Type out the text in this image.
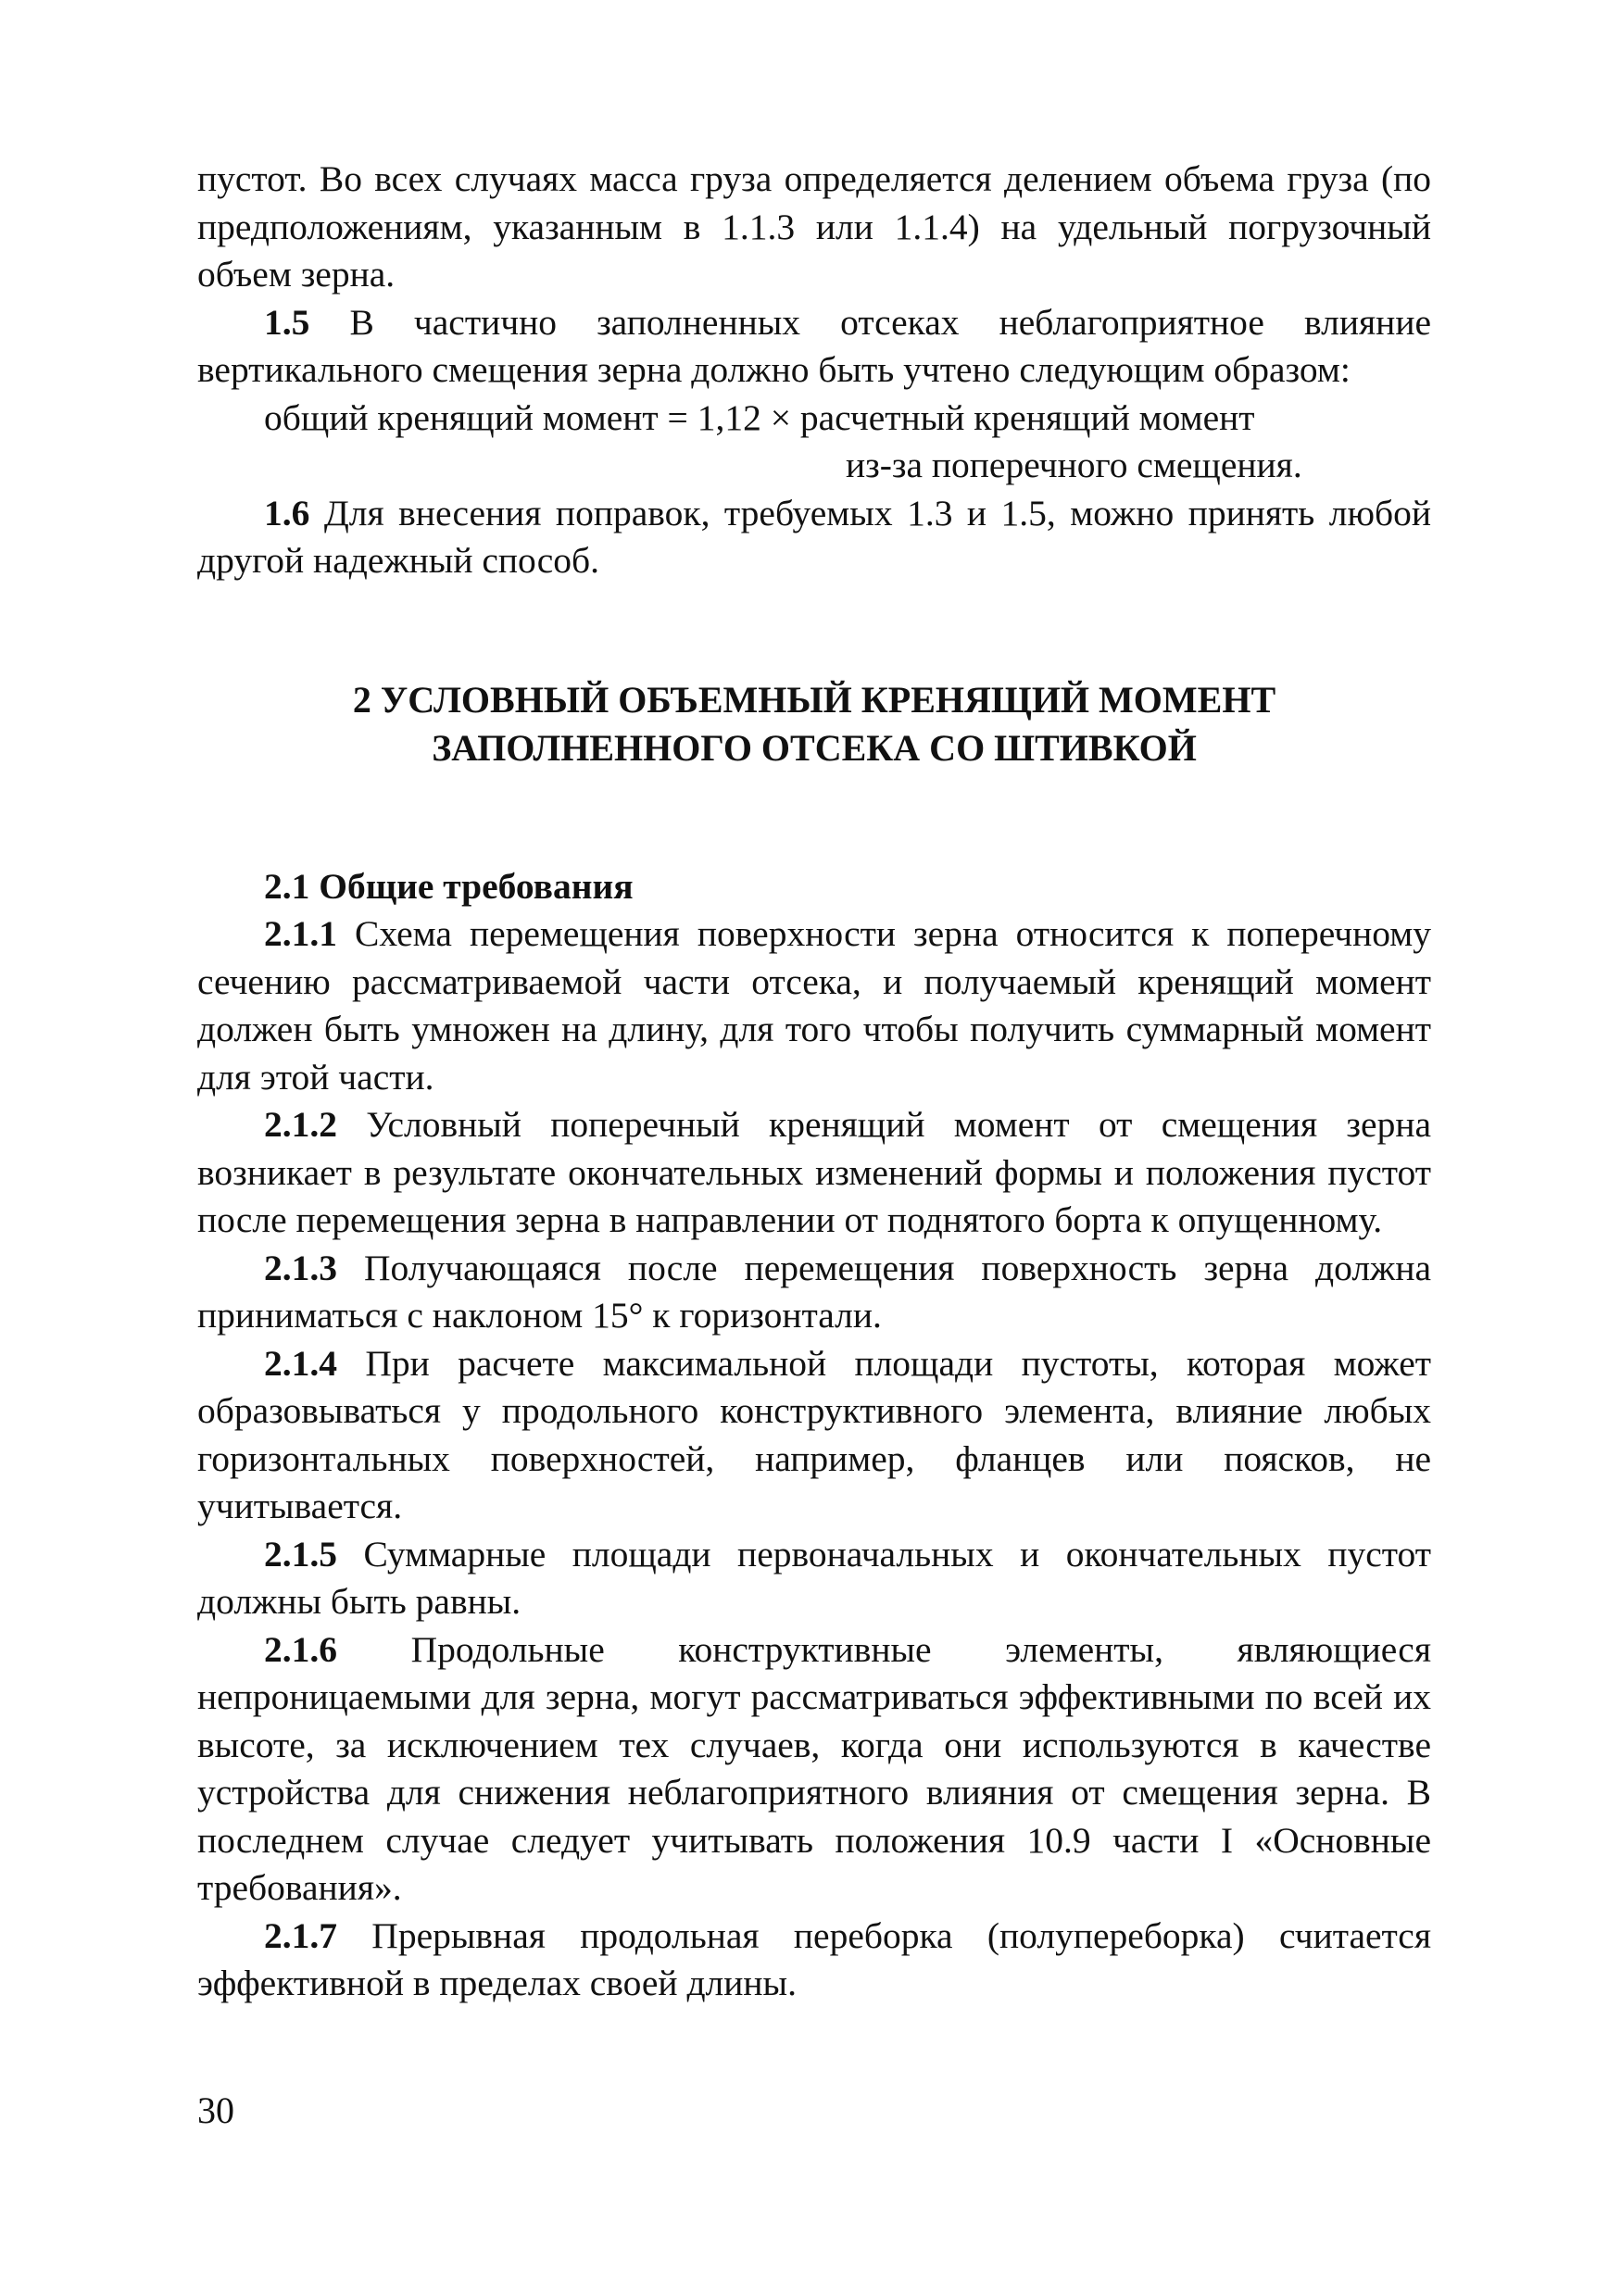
пустот. Во всех случаях масса груза определяется делением объема груза (по предположениям, указанным в 1.1.3 или 1.1.4) на удельный погрузочный объем зерна.

1.5 В частично заполненных отсеках неблагоприятное влияние вертикального смещения зерна должно быть учтено следующим образом:

общий кренящий момент = 1,12 × расчетный кренящий момент
из-за поперечного смещения.

1.6 Для внесения поправок, требуемых 1.3 и 1.5, можно принять любой другой надежный способ.

2 УСЛОВНЫЙ ОБЪЕМНЫЙ КРЕНЯЩИЙ МОМЕНТ
ЗАПОЛНЕННОГО ОТСЕКА СО ШТИВКОЙ
2.1 Общие требования

2.1.1 Схема перемещения поверхности зерна относится к поперечному сечению рассматриваемой части отсека, и получаемый кренящий момент должен быть умножен на длину, для того чтобы получить суммарный момент для этой части.

2.1.2 Условный поперечный кренящий момент от смещения зерна возникает в результате окончательных изменений формы и положения пустот после перемещения зерна в направлении от поднятого борта к опущенному.

2.1.3 Получающаяся после перемещения поверхность зерна должна приниматься с наклоном 15° к горизонтали.

2.1.4 При расчете максимальной площади пустоты, которая может образовываться у продольного конструктивного элемента, влияние любых горизонтальных поверхностей, например, фланцев или поясков, не учитывается.

2.1.5 Суммарные площади первоначальных и окончательных пустот должны быть равны.

2.1.6 Продольные конструктивные элементы, являющиеся непроницаемыми для зерна, могут рассматриваться эффективными по всей их высоте, за исключением тех случаев, когда они используются в качестве устройства для снижения неблагоприятного влияния от смещения зерна. В последнем случае следует учитывать положения 10.9 части I «Основные требования».

2.1.7 Прерывная продольная переборка (полупереборка) считается эффективной в пределах своей длины.

30
